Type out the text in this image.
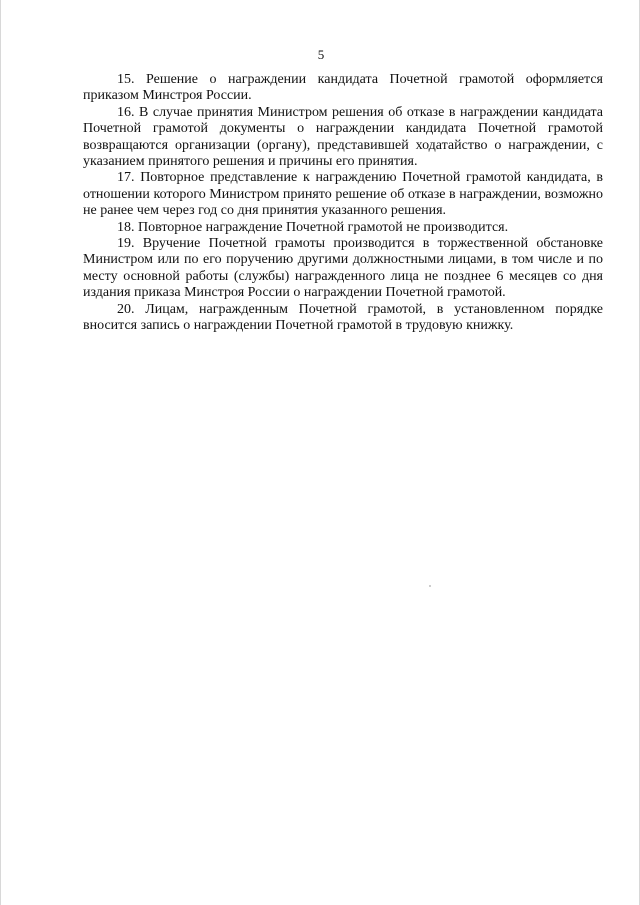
5

15. Решение о награждении кандидата Почетной грамотой оформляется приказом Минстроя России.

16. В случае принятия Министром решения об отказе в награждении кандидата Почетной грамотой документы о награждении кандидата Почетной грамотой возвращаются организации (органу), представившей ходатайство о награждении, с указанием принятого решения и причины его принятия.

17. Повторное представление к награждению Почетной грамотой кандидата, в отношении которого Министром принято решение об отказе в награждении, возможно не ранее чем через год со дня принятия указанного решения.

18. Повторное награждение Почетной грамотой не производится.

19. Вручение Почетной грамоты производится в торжественной обстановке Министром или по его поручению другими должностными лицами, в том числе и по месту основной работы (службы) награжденного лица не позднее 6 месяцев со дня издания приказа Минстроя России о награждении Почетной грамотой.

20. Лицам, награжденным Почетной грамотой, в установленном порядке вносится запись о награждении Почетной грамотой в трудовую книжку.
